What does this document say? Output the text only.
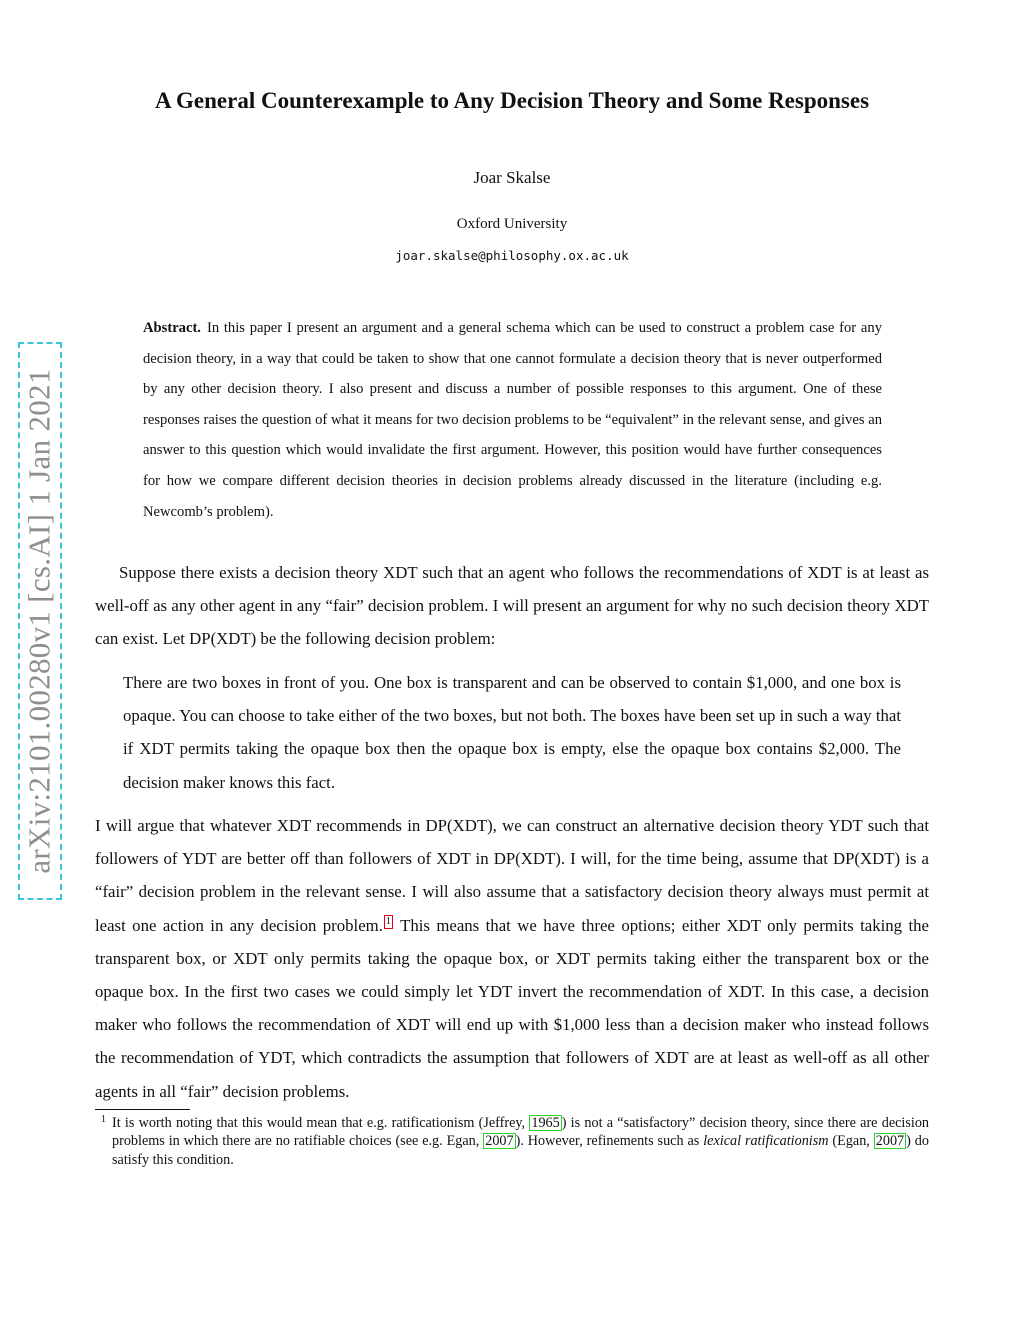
arXiv:2101.00280v1 [cs.AI] 1 Jan 2021
A General Counterexample to Any Decision Theory and Some Responses
Joar Skalse
Oxford University
joar.skalse@philosophy.ox.ac.uk
Abstract. In this paper I present an argument and a general schema which can be used to construct a problem case for any decision theory, in a way that could be taken to show that one cannot formulate a decision theory that is never outperformed by any other decision theory. I also present and discuss a number of possible responses to this argument. One of these responses raises the question of what it means for two decision problems to be “equivalent” in the relevant sense, and gives an answer to this question which would invalidate the first argument. However, this position would have further consequences for how we compare different decision theories in decision problems already discussed in the literature (including e.g. Newcomb’s problem).
Suppose there exists a decision theory XDT such that an agent who follows the recommendations of XDT is at least as well-off as any other agent in any “fair” decision problem. I will present an argument for why no such decision theory XDT can exist. Let DP(XDT) be the following decision problem:
There are two boxes in front of you. One box is transparent and can be observed to contain $1,000, and one box is opaque. You can choose to take either of the two boxes, but not both. The boxes have been set up in such a way that if XDT permits taking the opaque box then the opaque box is empty, else the opaque box contains $2,000. The decision maker knows this fact.
I will argue that whatever XDT recommends in DP(XDT), we can construct an alternative decision theory YDT such that followers of YDT are better off than followers of XDT in DP(XDT). I will, for the time being, assume that DP(XDT) is a “fair” decision problem in the relevant sense. I will also assume that a satisfactory decision theory always must permit at least one action in any decision problem. 1 This means that we have three options; either XDT only permits taking the transparent box, or XDT only permits taking the opaque box, or XDT permits taking either the transparent box or the opaque box. In the first two cases we could simply let YDT invert the recommendation of XDT. In this case, a decision maker who follows the recommendation of XDT will end up with $1,000 less than a decision maker who instead follows the recommendation of YDT, which contradicts the assumption that followers of XDT are at least as well-off as all other agents in all “fair” decision problems.
1 It is worth noting that this would mean that e.g. ratificationism (Jeffrey, 1965 ) is not a “satisfactory” decision theory, since there are decision problems in which there are no ratifiable choices (see e.g. Egan, 2007 ). However, refinements such as lexical ratificationism (Egan, 2007 ) do satisfy this condition.
